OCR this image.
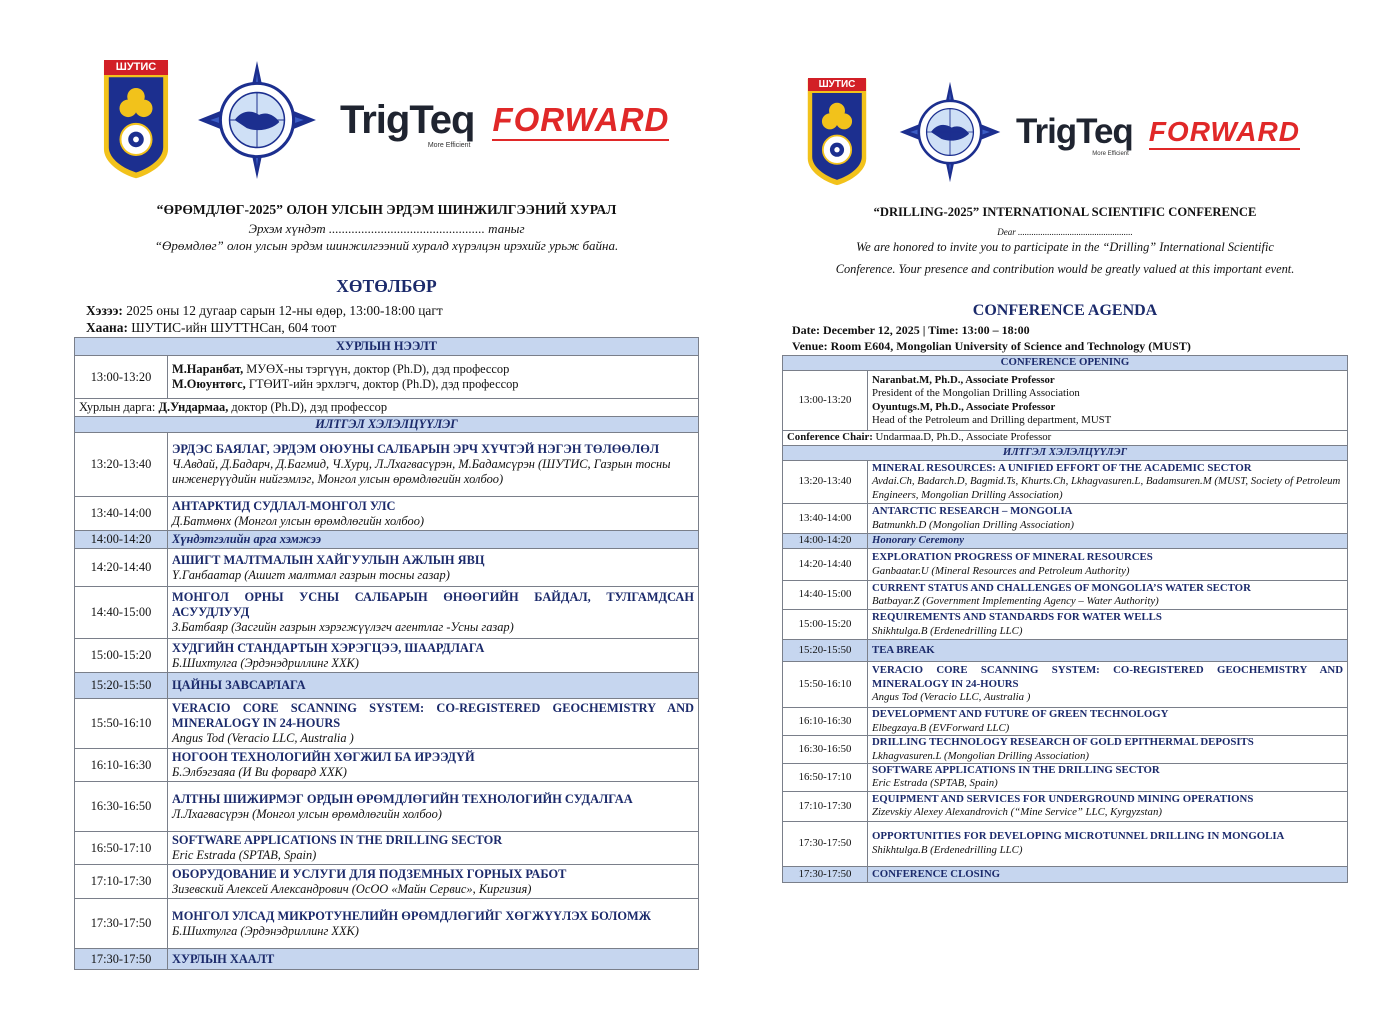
ШУТИС
TrigTeq
More Efficient
FORWARD
“ӨРӨМДЛӨГ-2025” ОЛОН УЛСЫН ЭРДЭМ ШИНЖИЛГЭЭНИЙ ХУРАЛ
Эрхэм хүндэт ................................................ таныг
“Өрөмдлөг” олон улсын эрдэм шинжилгээний хуралд хүрэлцэн ирэхийг урьж байна.
ХӨТӨЛБӨР
Хэзээ: 2025 оны 12 дугаар сарын 12-ны өдөр, 13:00-18:00 цагт
Хаана: ШУТИС-ийн ШУТТНСан, 604 тоот
ХУРЛЫН НЭЭЛТ	
13:00-13:20	М.Наранбат, МУӨХ-ны тэргүүн, доктор (Ph.D), дэд профессор
М.Оюунтөгс, ГТӨИТ-ийн эрхлэгч, доктор (Ph.D), дэд профессор

Хурлын дарга: Д.Ундармаа, доктор (Ph.D), дэд профессор	
ИЛТГЭЛ ХЭЛЭЛЦҮҮЛЭГ	
13:20-13:40	ЭРДЭС БАЯЛАГ, ЭРДЭМ ОЮУНЫ САЛБАРЫН ЭРЧ ХҮЧТЭЙ НЭГЭН ТӨЛӨӨЛӨЛ
Ч.Авдай, Д.Бадарч, Д.Багмид, Ч.Хурц, Л.Лхагвасүрэн, М.Бадамсүрэн (ШУТИС, Газрын тосны инженерүүдийн нийгэмлэг, Монгол улсын өрөмдлөгийн холбоо)

13:40-14:00	АНТАРКТИД СУДЛАЛ-МОНГОЛ УЛС
Д.Батмөнх (Монгол улсын өрөмдлөгийн холбоо)

14:00-14:20	Хүндэтгэлийн арга хэмжээ

14:20-14:40	АШИГТ МАЛТМАЛЫН ХАЙГУУЛЫН АЖЛЫН ЯВЦ
Ү.Ганбаатар (Ашигт малтмал газрын тосны газар)

14:40-15:00	МОНГОЛ ОРНЫ УСНЫ САЛБАРЫН ӨНӨӨГИЙН БАЙДАЛ, ТУЛГАМДСАН АСУУДЛУУД
З.Батбаяр (Засгийн газрын хэрэгжүүлэгч агентлаг -Усны газар)

15:00-15:20	ХУДГИЙН СТАНДАРТЫН ХЭРЭГЦЭЭ, ШААРДЛАГА
Б.Шихтулга (Эрдэнэдриллинг ХХК)

15:20-15:50	ЦАЙНЫ ЗАВСАРЛАГА

15:50-16:10	VERACIO CORE SCANNING SYSTEM: CO-REGISTERED GEOCHEMISTRY AND MINERALOGY IN 24-HOURS
Angus Tod (Veracio LLC, Australia )

16:10-16:30	НОГООН ТЕХНОЛОГИЙН ХӨГЖИЛ БА ИРЭЭДҮЙ
Б.Элбэгзаяа (И Ви форвард ХХК)

16:30-16:50	АЛТНЫ ШИЖИРМЭГ ОРДЫН ӨРӨМДЛӨГИЙН ТЕХНОЛОГИЙН СУДАЛГАА
Л.Лхагвасүрэн (Монгол улсын өрөмдлөгийн холбоо)

16:50-17:10	SOFTWARE APPLICATIONS IN THE DRILLING SECTOR
Eric Estrada (SPTAB, Spain)

17:10-17:30	ОБОРУДОВАНИЕ И УСЛУГИ ДЛЯ ПОДЗЕМНЫХ ГОРНЫХ РАБОТ
Зизевский Алексей Александрович (ОсОО «Майн Сервис», Киргизия)

17:30-17:50	МОНГОЛ УЛСАД МИКРОТУНЕЛИЙН ӨРӨМДЛӨГИЙГ ХӨГЖҮҮЛЭХ БОЛОМЖ
Б.Шихтулга (Эрдэнэдриллинг ХХК)

17:30-17:50	ХУРЛЫН ХААЛТ
ШУТИС
TrigTeq
More Efficient
FORWARD
“DRILLING-2025” INTERNATIONAL SCIENTIFIC CONFERENCE
Dear ...................................................
We are honored to invite you to participate in the “Drilling” International Scientific
Conference. Your presence and contribution would be greatly valued at this important event.
CONFERENCE AGENDA
Date: December 12, 2025 | Time: 13:00 – 18:00
Venue: Room E604, Mongolian University of Science and Technology (MUST)
CONFERENCE OPENING	
13:00-13:20	Naranbat.M, Ph.D., Associate Professor
President of the Mongolian Drilling Association
Oyuntugs.M, Ph.D., Associate Professor
Head of the Petroleum and Drilling department, MUST

Conference Chair: Undarmaa.D, Ph.D., Associate Professor	
ИЛТГЭЛ ХЭЛЭЛЦҮҮЛЭГ	
13:20-13:40	MINERAL RESOURCES: A UNIFIED EFFORT OF THE ACADEMIC SECTOR
Avdai.Ch, Badarch.D, Bagmid.Ts, Khurts.Ch, Lkhagvasuren.L, Badamsuren.M (MUST, Society of Petroleum Engineers, Mongolian Drilling Association)

13:40-14:00	ANTARCTIC RESEARCH – MONGOLIA
Batmunkh.D (Mongolian Drilling Association)

14:00-14:20	Honorary Ceremony

14:20-14:40	EXPLORATION PROGRESS OF MINERAL RESOURCES
Ganbaatar.U (Mineral Resources and Petroleum Authority)

14:40-15:00	CURRENT STATUS AND CHALLENGES OF MONGOLIA’S WATER SECTOR
Batbayar.Z (Government Implementing Agency – Water Authority)

15:00-15:20	REQUIREMENTS AND STANDARDS FOR WATER WELLS
Shikhtulga.B (Erdenedrilling LLC)

15:20-15:50	TEA BREAK

15:50-16:10	VERACIO CORE SCANNING SYSTEM: CO-REGISTERED GEOCHEMISTRY AND MINERALOGY IN 24-HOURS
Angus Tod (Veracio LLC, Australia )

16:10-16:30	DEVELOPMENT AND FUTURE OF GREEN TECHNOLOGY
Elbegzaya.B (EVForward LLC)

16:30-16:50	DRILLING TECHNOLOGY RESEARCH OF GOLD EPITHERMAL DEPOSITS
Lkhagvasuren.L (Mongolian Drilling Association)

16:50-17:10	SOFTWARE APPLICATIONS IN THE DRILLING SECTOR
Eric Estrada (SPTAB, Spain)

17:10-17:30	EQUIPMENT AND SERVICES FOR UNDERGROUND MINING OPERATIONS
Zizevskiy Alexey Alexandrovich (“Mine Service” LLC, Kyrgyzstan)

17:30-17:50	OPPORTUNITIES FOR DEVELOPING MICROTUNNEL DRILLING IN MONGOLIA
Shikhtulga.B (Erdenedrilling LLC)

17:30-17:50	CONFERENCE CLOSING
